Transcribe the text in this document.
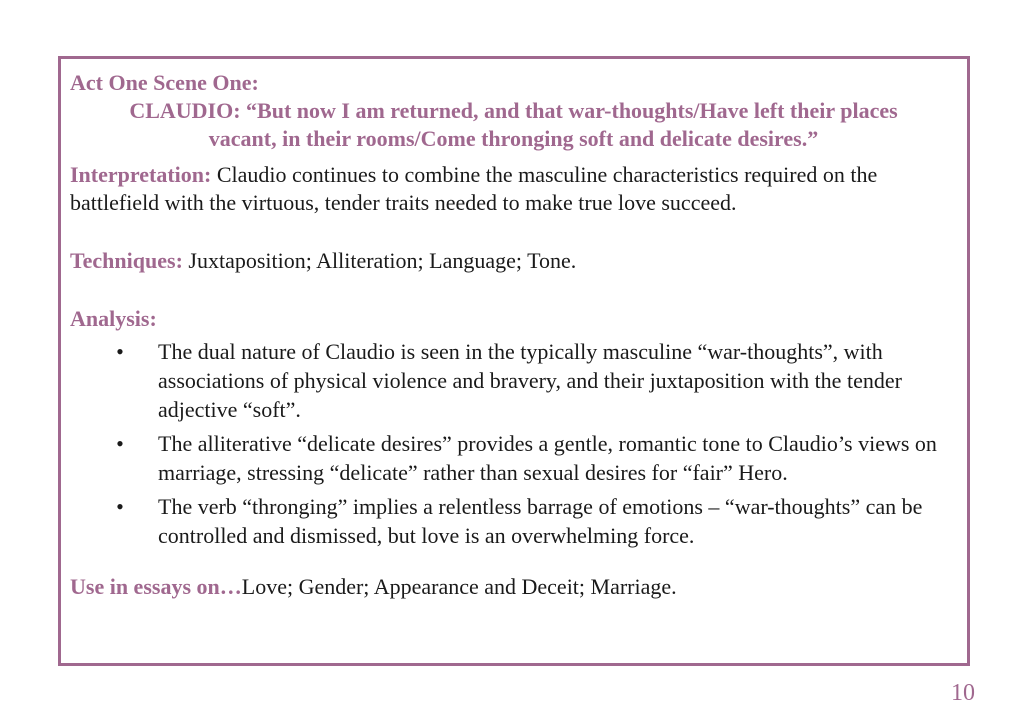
Act One Scene One:

CLAUDIO: “But now I am returned, and that war-thoughts/Have left their places

vacant, in their rooms/Come thronging soft and delicate desires.”

Interpretation: Claudio continues to combine the masculine characteristics required on the battlefield with the virtuous, tender traits needed to make true love succeed.

Techniques: Juxtaposition; Alliteration; Language; Tone.

Analysis:

• The dual nature of Claudio is seen in the typically masculine “war-thoughts”, with associations of physical violence and bravery, and their juxtaposition with the tender adjective “soft”.
• The alliterative “delicate desires” provides a gentle, romantic tone to Claudio’s views on marriage, stressing “delicate” rather than sexual desires for “fair” Hero.
• The verb “thronging” implies a relentless barrage of emotions – “war-thoughts” can be controlled and dismissed, but love is an overwhelming force.

Use in essays on…Love; Gender; Appearance and Deceit; Marriage.

10
